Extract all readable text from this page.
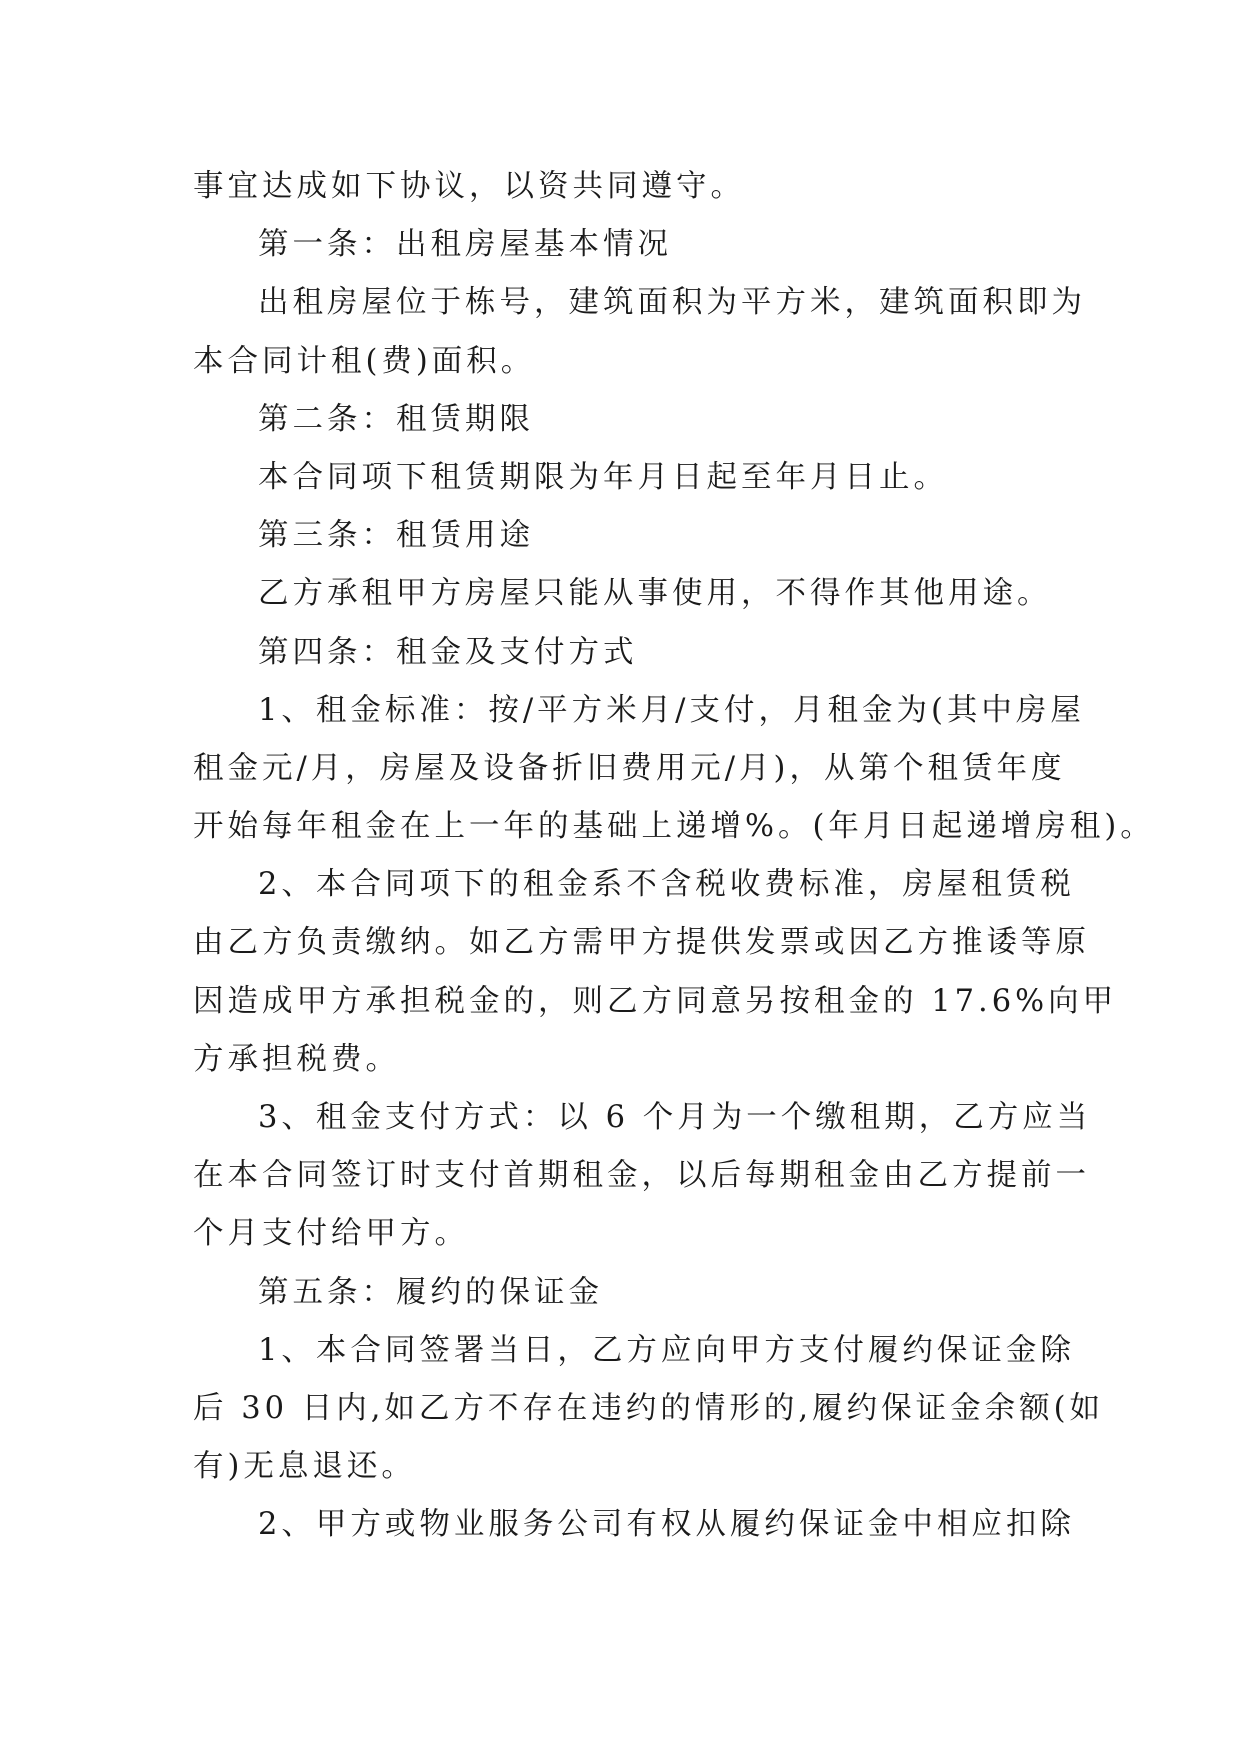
事宜达成如下协议，以资共同遵守。
第一条：出租房屋基本情况
出租房屋位于栋号，建筑面积为平方米，建筑面积即为
本合同计租(费)面积。
第二条：租赁期限
本合同项下租赁期限为年月日起至年月日止。
第三条：租赁用途
乙方承租甲方房屋只能从事使用，不得作其他用途。
第四条：租金及支付方式
1、租金标准：按/平方米月/支付，月租金为(其中房屋
租金元/月，房屋及设备折旧费用元/月)，从第个租赁年度
开始每年租金在上一年的基础上递增%。(年月日起递增房租)。
2、本合同项下的租金系不含税收费标准，房屋租赁税
由乙方负责缴纳。如乙方需甲方提供发票或因乙方推诿等原
因造成甲方承担税金的，则乙方同意另按租金的 17.6%向甲
方承担税费。
3、租金支付方式：以 6 个月为一个缴租期，乙方应当
在本合同签订时支付首期租金，以后每期租金由乙方提前一
个月支付给甲方。
第五条：履约的保证金
1、本合同签署当日，乙方应向甲方支付履约保证金除
后 30 日内,如乙方不存在违约的情形的,履约保证金余额(如
有)无息退还。
2、甲方或物业服务公司有权从履约保证金中相应扣除
